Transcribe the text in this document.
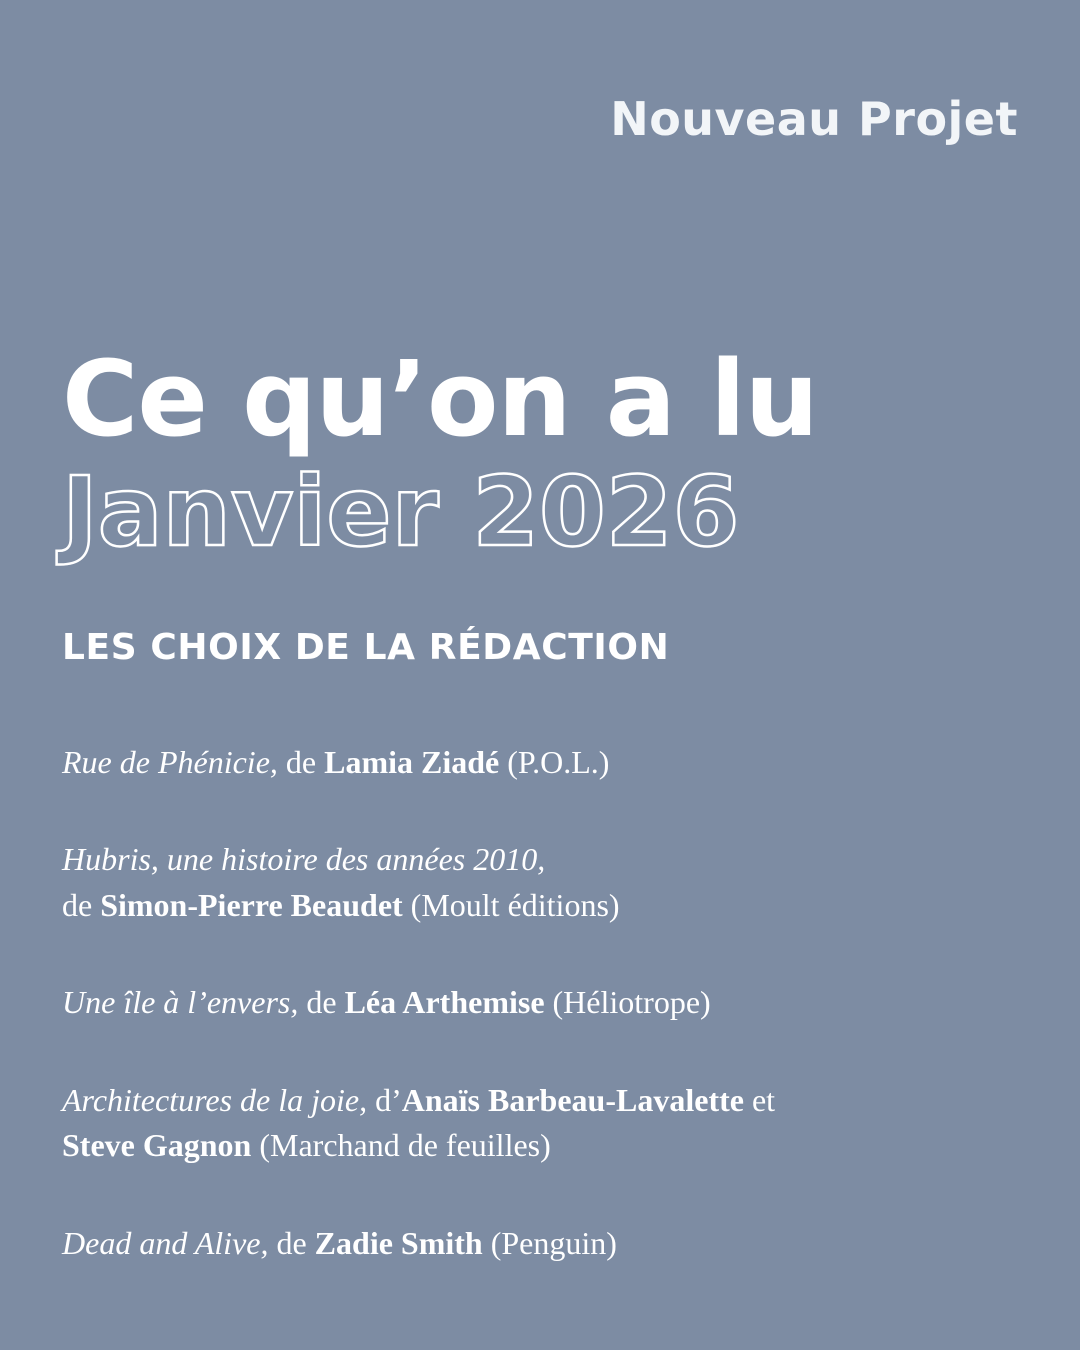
Nouveau Projet
Ce qu’on a lu
Janvier 2026
LES CHOIX DE LA RÉDACTION
Rue de Phénicie, de Lamia Ziadé (P.O.L.)
Hubris, une histoire des années 2010,
de Simon-Pierre Beaudet (Moult éditions)
Une île à l’envers, de Léa Arthemise (Héliotrope)
Architectures de la joie, d’Anaïs Barbeau-Lavalette et
Steve Gagnon (Marchand de feuilles)
Dead and Alive, de Zadie Smith (Penguin)
